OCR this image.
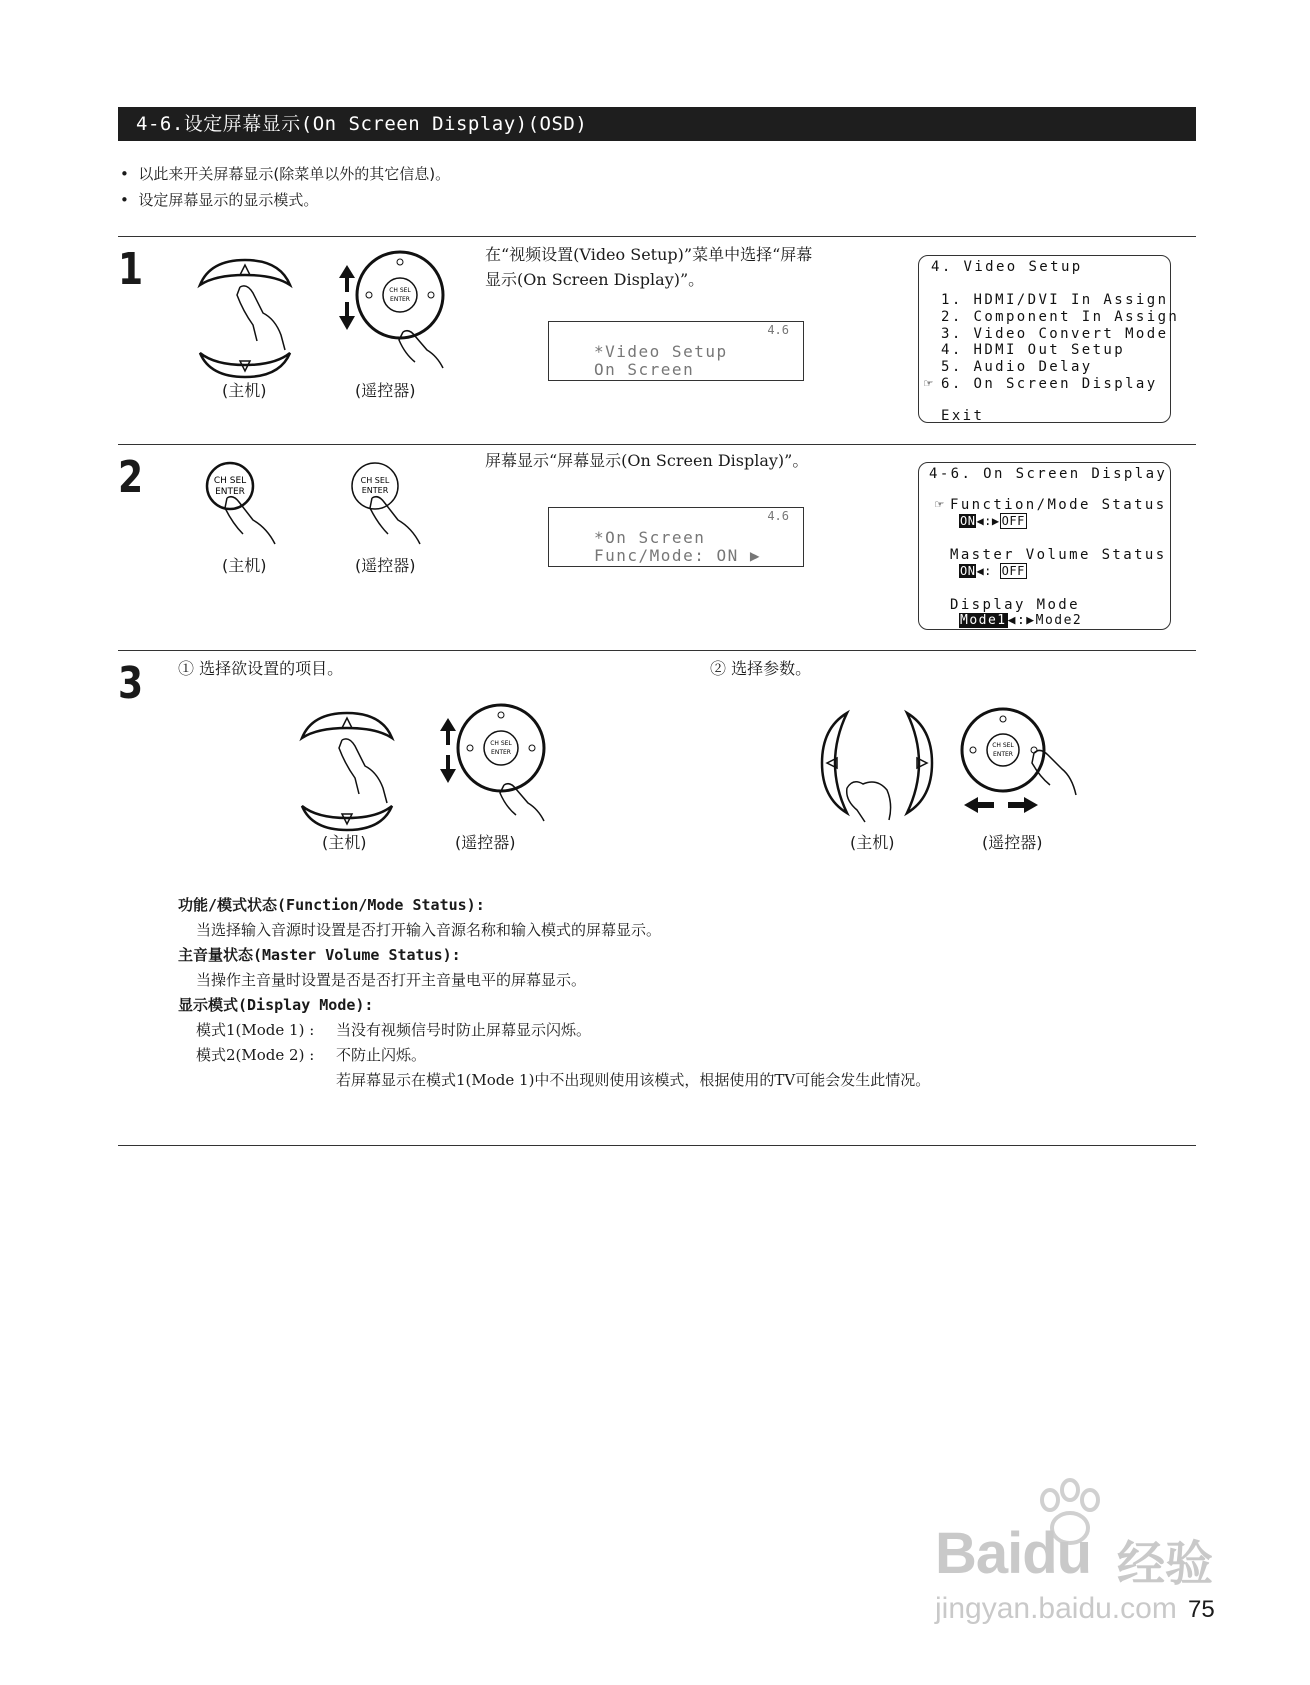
4-6.设定屏幕显示(On Screen Display)(OSD)
•  以此来开关屏幕显示(除菜单以外的其它信息)。
•  设定屏幕显示的显示模式。
1
(主机)
CH SEL
ENTER
(遥控器)
在“视频设置(Video Setup)”菜单中选择“屏幕
显示(On Screen Display)”。
4.6
*Video Setup
On Screen
4. Video Setup
1. HDMI/DVI In Assign
2. Component In Assign
3. Video Convert Mode
4. HDMI Out Setup
5. Audio Delay
☞ 6. On Screen Display
Exit
2	CH SEL
ENTER
(主机)
CH SEL
ENTER
(遥控器)
屏幕显示“屏幕显示(On Screen Display)”。
4.6
*On Screen
Func/Mode: ON ▶
4-6. On Screen Display
☞ Function/Mode Status
ON◀:▶ OFF
Master Volume Status
ON◀: OFF
Display Mode
Mode1◀:▶Mode2
3 ① 选择欲设置的项目。	② 选择参数。
(主机)
CH SEL
ENTER
(遥控器)	(主机)
CH SEL
ENTER
(遥控器)
功能/模式状态(Function/Mode Status):
当选择输入音源时设置是否打开输入音源名称和输入模式的屏幕显示。
主音量状态(Master Volume Status):
当操作主音量时设置是否是否打开主音量电平的屏幕显示。
显示模式(Display Mode):
模式1(Mode 1) : 当没有视频信号时防止屏幕显示闪烁。
模式2(Mode 2) : 不防止闪烁。
若屏幕显示在模式1(Mode 1)中不出现则使用该模式，根据使用的TV可能会发生此情况。
Baidu 经验
jingyan.baidu.com 75
